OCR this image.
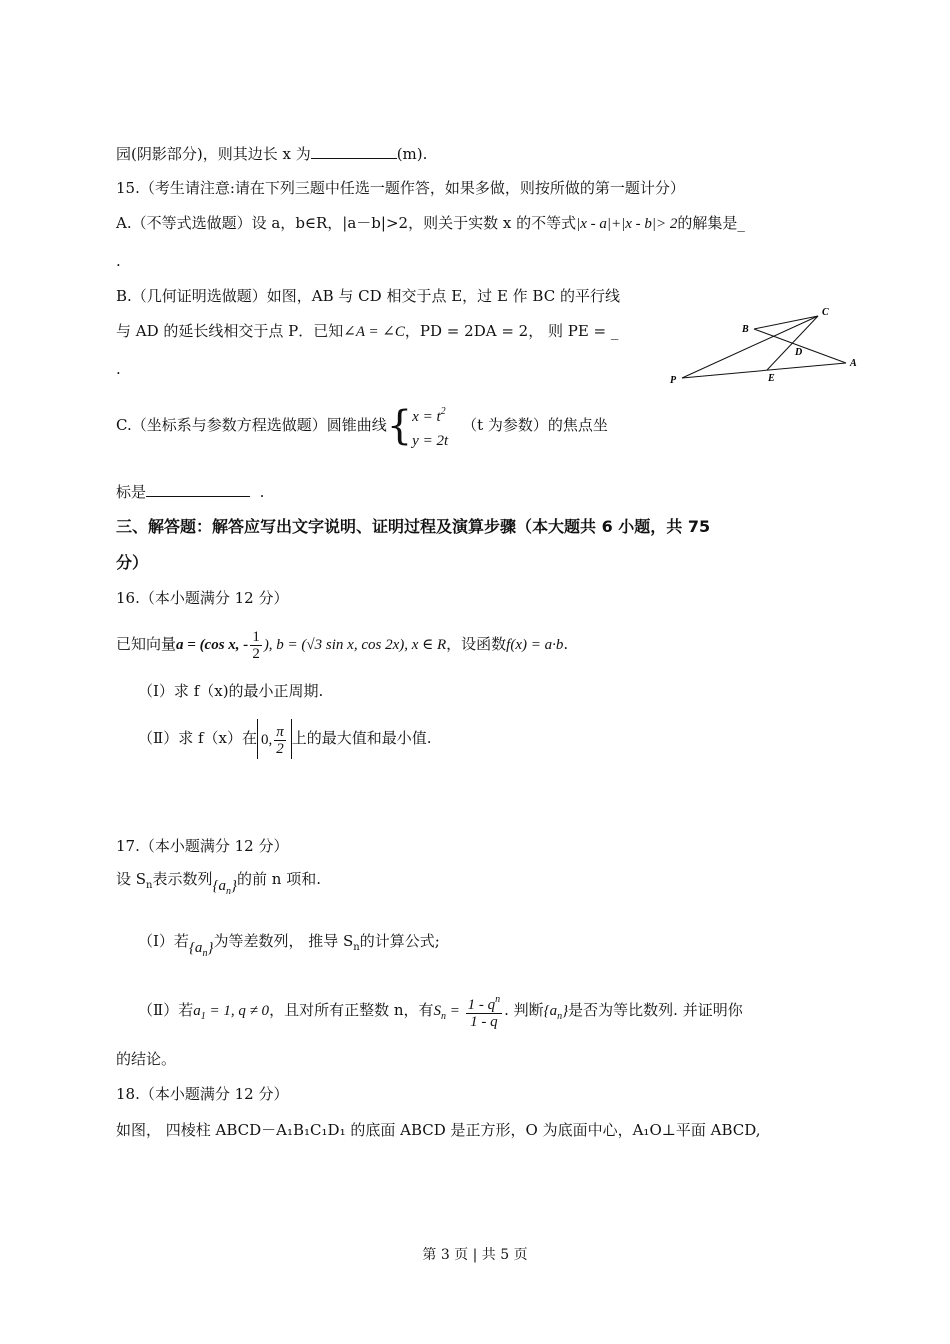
园(阴影部分)，则其边长 x 为	(m).
15.（考生请注意:请在下列三题中任选一题作答，如果多做，则按所做的第一题计分）
A.（不等式选做题）设 a，b∈R，|a－b|>2，则关于实数 x 的不等式|x - a|+|x - b|> 2的解集是_
.
B.（几何证明选做题）如图，AB 与 CD 相交于点 E，过 E 作 BC 的平行线
与 AD 的延长线相交于点 P．已知∠A = ∠C，PD = 2DA = 2， 则 PE = _
.
B
C
D
A
P	E
C.（坐标系与参数方程选做题）圆锥曲线{ $x = t^2$
y = 2t
（t 为参数）的焦点坐
标是	.
三、解答题：解答应写出文字说明、证明过程及演算步骤（本大题共 6 小题，共 75
分）
16.（本小题满分 12 分）
已知向量a = (cos x, - $\frac{1}{2}$ ), b = (√3 sin x, cos 2x), x ∈ R，设函数f(x) = a·b.
（Ⅰ）求 f（x)的最小正周期.
（Ⅱ）求 f（x）在 0, $\frac{\pi}{2}$ 上的最大值和最小值.
17.（本小题满分 12 分）
设 $S_n$表示数列$\{a_n\}$的前 n 项和.
（Ⅰ）若$\{a_n\}$为等差数列， 推导 $S_n$的计算公式;
（Ⅱ）若$a_1 = 1$, q ≠ 0，且对所有正整数 n，有$S_n = \frac{1 - q^n}{1 - q}$ . 判断$\{a_n\}$是否为等比数列. 并证明你
的结论。
18.（本小题满分 12 分）
如图， 四棱柱 ABCD－A₁B₁C₁D₁ 的底面 ABCD 是正方形，O 为底面中心，A₁O⊥平面 ABCD,
第 3 页 | 共 5 页
